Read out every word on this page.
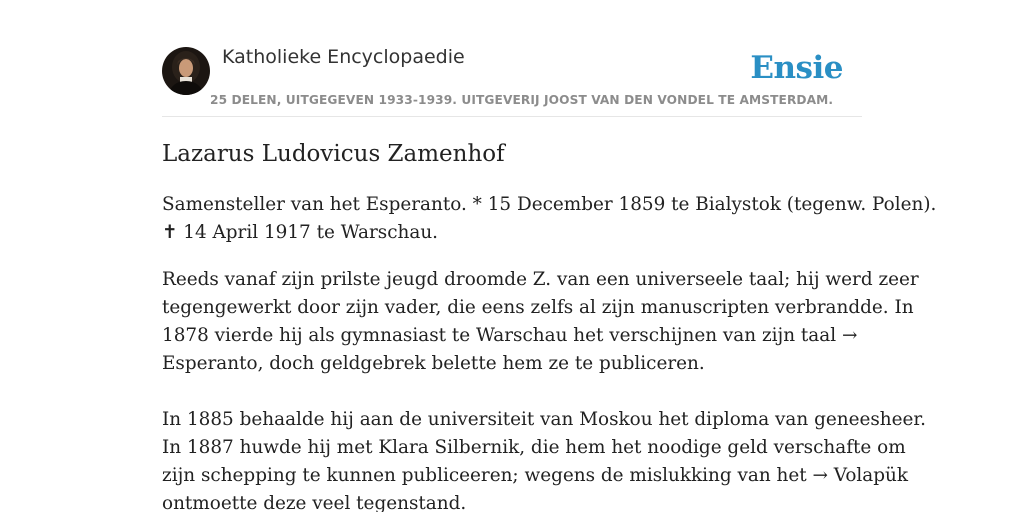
Katholieke Encyclopaedie
25 DELEN, UITGEGEVEN 1933-1939. UITGEVERIJ JOOST VAN DEN VONDEL TE AMSTERDAM.
Ensie
Lazarus Ludovicus Zamenhof

Samensteller van het Esperanto. * 15 December 1859 te Bialystok (tegenw. Polen).
✝ 14 April 1917 te Warschau.

Reeds vanaf zijn prilste jeugd droomde Z. van een universeele taal; hij werd zeer
tegengewerkt door zijn vader, die eens zelfs al zijn manuscripten verbrandde. In
1878 vierde hij als gymnasiast te Warschau het verschijnen van zijn taal →
Esperanto, doch geldgebrek belette hem ze te publiceren.

In 1885 behaalde hij aan de universiteit van Moskou het diploma van geneesheer.
In 1887 huwde hij met Klara Silbernik, die hem het noodige geld verschafte om
zijn schepping te kunnen publiceeren; wegens de mislukking van het → Volapük
ontmoette deze veel tegenstand.
